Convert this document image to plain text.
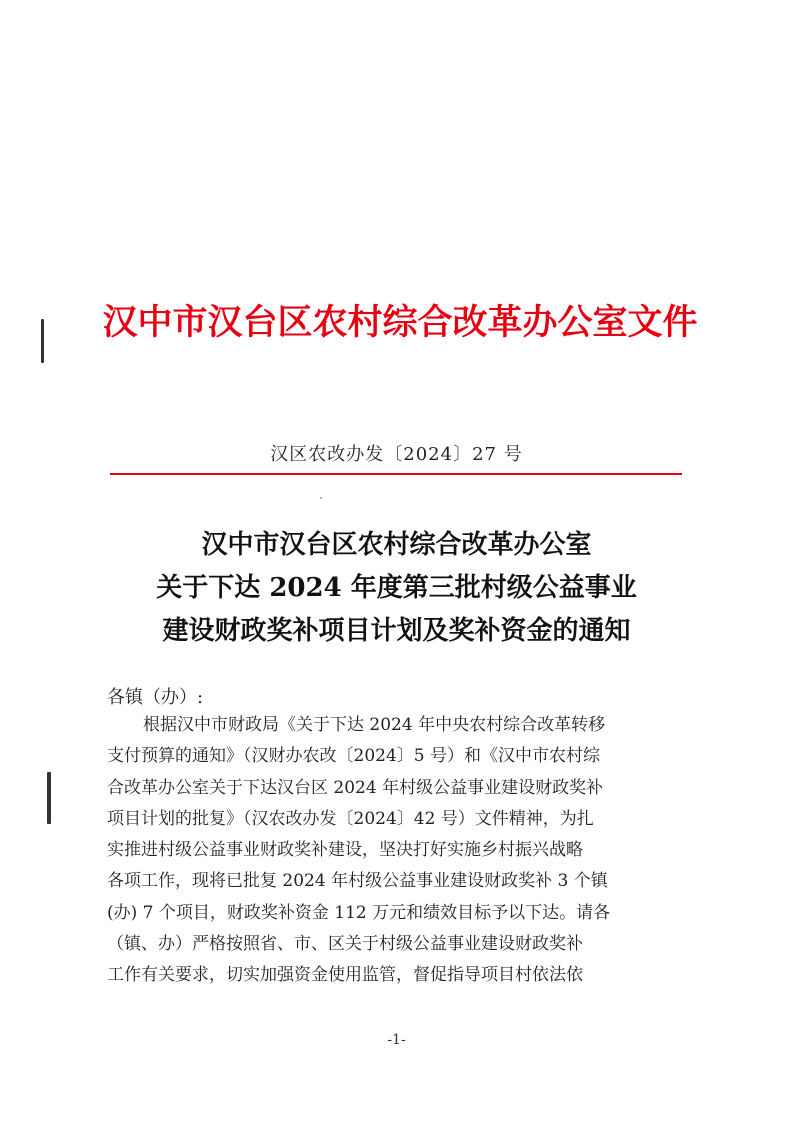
汉中市汉台区农村综合改革办公室文件
汉区农改办发〔2024〕27 号
汉中市汉台区农村综合改革办公室
关于下达 2024 年度第三批村级公益事业
建设财政奖补项目计划及奖补资金的通知
各镇（办）:
根据汉中市财政局《关于下达 2024 年中央农村综合改革转移
支付预算的通知》（汉财办农改〔2024〕5 号）和《汉中市农村综
合改革办公室关于下达汉台区 2024 年村级公益事业建设财政奖补
项目计划的批复》（汉农改办发〔2024〕42 号）文件精神，为扎
实推进村级公益事业财政奖补建设，坚决打好实施乡村振兴战略
各项工作，现将已批复 2024 年村级公益事业建设财政奖补 3 个镇
(办) 7 个项目，财政奖补资金 112 万元和绩效目标予以下达。请各
（镇、办）严格按照省、市、区关于村级公益事业建设财政奖补
工作有关要求，切实加强资金使用监管，督促指导项目村依法依
-1-
